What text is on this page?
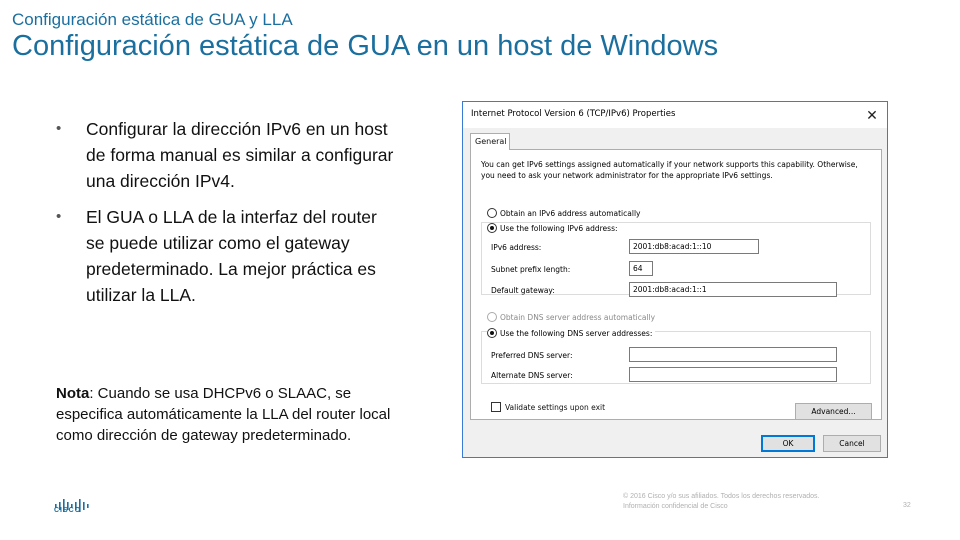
Configuración estática de GUA y LLA
Configuración estática de GUA en un host de Windows
• Configurar la dirección IPv6 en un host de forma manual es similar a configurar una dirección IPv4.
• El GUA o LLA de la interfaz del router se puede utilizar como el gateway predeterminado. La mejor práctica es utilizar la LLA.
Nota: Cuando se usa DHCPv6 o SLAAC, se especifica automáticamente la LLA del router local como dirección de gateway predeterminado.
Internet Protocol Version 6 (TCP/IPv6) Properties	✕
General
You can get IPv6 settings assigned automatically if your network supports this capability. Otherwise, you need to ask your network administrator for the appropriate IPv6 settings.
Obtain an IPv6 address automatically
Use the following IPv6 address:
IPv6 address:	2001:db8:acad:1::10
Subnet prefix length:	64
Default gateway:	2001:db8:acad:1::1
Obtain DNS server address automatically
Use the following DNS server addresses:
Preferred DNS server:
Alternate DNS server:
Validate settings upon exit	Advanced...
OK	Cancel
CISCO
© 2016 Cisco y/o sus afiliados. Todos los derechos reservados.
Información confidencial de Cisco	32
